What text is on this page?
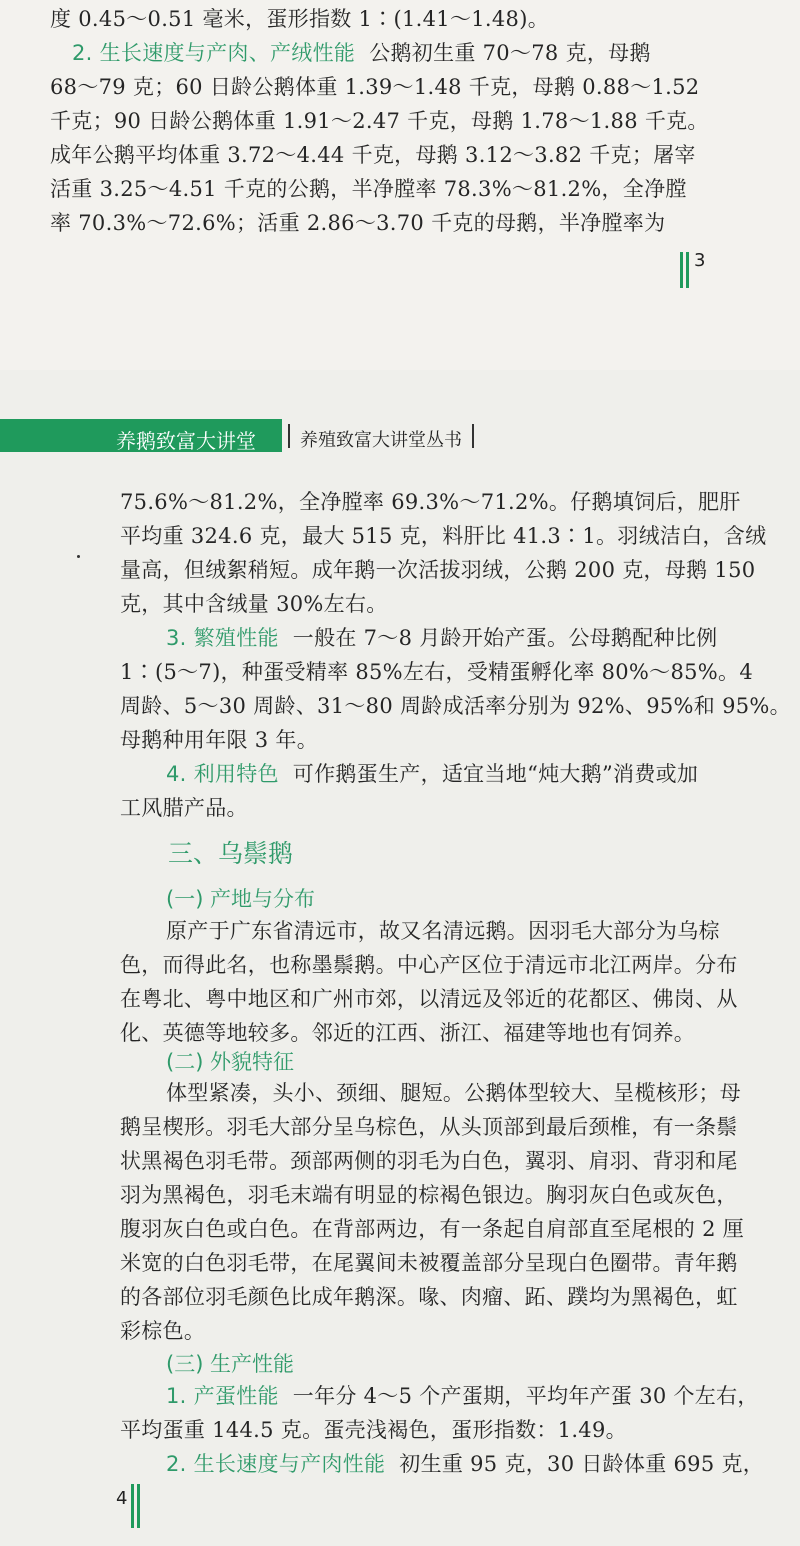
度 0.45～0.51 毫米，蛋形指数 1∶(1.41～1.48)。
2. 生长速度与产肉、产绒性能 公鹅初生重 70～78 克，母鹅
68～79 克；60 日龄公鹅体重 1.39～1.48 千克，母鹅 0.88～1.52
千克；90 日龄公鹅体重 1.91～2.47 千克，母鹅 1.78～1.88 千克。
成年公鹅平均体重 3.72～4.44 千克，母鹅 3.12～3.82 千克；屠宰
活重 3.25～4.51 千克的公鹅，半净膛率 78.3%～81.2%，全净膛
率 70.3%～72.6%；活重 2.86～3.70 千克的母鹅，半净膛率为
3
养鹅致富大讲堂 养殖致富大讲堂丛书
75.6%～81.2%，全净膛率 69.3%～71.2%。仔鹅填饲后，肥肝
平均重 324.6 克，最大 515 克，料肝比 41.3∶1。羽绒洁白，含绒
量高，但绒絮稍短。成年鹅一次活拔羽绒，公鹅 200 克，母鹅 150
克，其中含绒量 30%左右。
3. 繁殖性能 一般在 7～8 月龄开始产蛋。公母鹅配种比例
1∶(5～7)，种蛋受精率 85%左右，受精蛋孵化率 80%～85%。4
周龄、5～30 周龄、31～80 周龄成活率分别为 92%、95%和 95%。
母鹅种用年限 3 年。
4. 利用特色 可作鹅蛋生产，适宜当地“炖大鹅”消费或加
工风腊产品。
三、乌鬃鹅
(一) 产地与分布
原产于广东省清远市，故又名清远鹅。因羽毛大部分为乌棕
色，而得此名，也称墨鬃鹅。中心产区位于清远市北江两岸。分布
在粤北、粤中地区和广州市郊，以清远及邻近的花都区、佛岗、从
化、英德等地较多。邻近的江西、浙江、福建等地也有饲养。
(二) 外貌特征
体型紧凑，头小、颈细、腿短。公鹅体型较大、呈榄核形；母
鹅呈楔形。羽毛大部分呈乌棕色，从头顶部到最后颈椎，有一条鬃
状黑褐色羽毛带。颈部两侧的羽毛为白色，翼羽、肩羽、背羽和尾
羽为黑褐色，羽毛末端有明显的棕褐色银边。胸羽灰白色或灰色，
腹羽灰白色或白色。在背部两边，有一条起自肩部直至尾根的 2 厘
米宽的白色羽毛带，在尾翼间未被覆盖部分呈现白色圈带。青年鹅
的各部位羽毛颜色比成年鹅深。喙、肉瘤、跖、蹼均为黑褐色，虹
彩棕色。
(三) 生产性能
1. 产蛋性能 一年分 4～5 个产蛋期，平均年产蛋 30 个左右，
平均蛋重 144.5 克。蛋壳浅褐色，蛋形指数：1.49。
2. 生长速度与产肉性能 初生重 95 克，30 日龄体重 695 克，
4
